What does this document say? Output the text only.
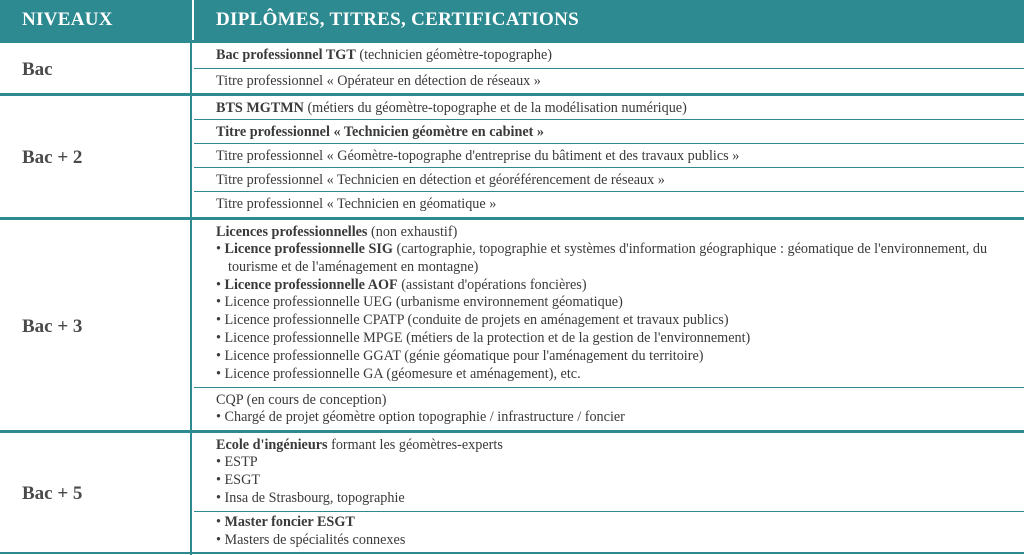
NIVEAUX	DIPLÔMES, TITRES, CERTIFICATIONS
Bac
Bac professionnel TGT (technicien géomètre-topographe)
Titre professionnel « Opérateur en détection de réseaux »
Bac + 2
BTS MGTMN (métiers du géomètre-topographe et de la modélisation numérique)
Titre professionnel « Technicien géomètre en cabinet »
Titre professionnel « Géomètre-topographe d'entreprise du bâtiment et des travaux publics »
Titre professionnel « Technicien en détection et géoréférencement de réseaux »
Titre professionnel « Technicien en géomatique »
Bac + 3
Licences professionnelles (non exhaustif)
• Licence professionnelle SIG (cartographie, topographie et systèmes d'information géographique : géomatique de l'environnement, du tourisme et de l'aménagement en montagne)
• Licence professionnelle AOF (assistant d'opérations foncières)
• Licence professionnelle UEG (urbanisme environnement géomatique)
• Licence professionnelle CPATP (conduite de projets en aménagement et travaux publics)
• Licence professionnelle MPGE (métiers de la protection et de la gestion de l'environnement)
• Licence professionnelle GGAT (génie géomatique pour l'aménagement du territoire)
• Licence professionnelle GA (géomesure et aménagement), etc.
CQP (en cours de conception)
• Chargé de projet géomètre option topographie / infrastructure / foncier
Bac + 5
Ecole d'ingénieurs formant les géomètres-experts
• ESTP
• ESGT
• Insa de Strasbourg, topographie
• Master foncier ESGT
• Masters de spécialités connexes
